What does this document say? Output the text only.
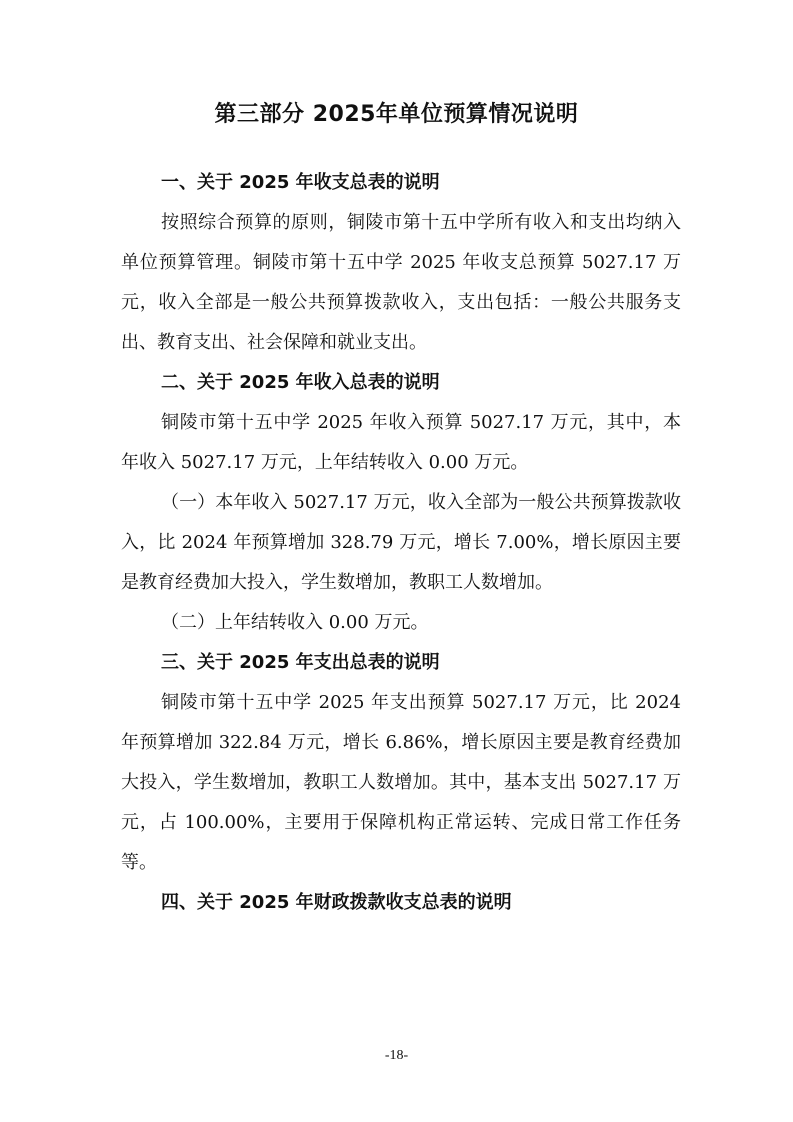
第三部分 2025年单位预算情况说明
一、关于 2025 年收支总表的说明

按照综合预算的原则，铜陵市第十五中学所有收入和支出均纳入单位预算管理。铜陵市第十五中学 2025 年收支总预算 5027.17 万元，收入全部是一般公共预算拨款收入，支出包括：一般公共服务支出、教育支出、社会保障和就业支出。

二、关于 2025 年收入总表的说明

铜陵市第十五中学 2025 年收入预算 5027.17 万元，其中，本年收入 5027.17 万元，上年结转收入 0.00 万元。

（一）本年收入 5027.17 万元，收入全部为一般公共预算拨款收入，比 2024 年预算增加 328.79 万元，增长 7.00%，增长原因主要是教育经费加大投入，学生数增加，教职工人数增加。

（二）上年结转收入 0.00 万元。

三、关于 2025 年支出总表的说明

铜陵市第十五中学 2025 年支出预算 5027.17 万元，比 2024 年预算增加 322.84 万元，增长 6.86%，增长原因主要是教育经费加大投入，学生数增加，教职工人数增加。其中，基本支出 5027.17 万元，占 100.00%，主要用于保障机构正常运转、完成日常工作任务等。

四、关于 2025 年财政拨款收支总表的说明
-18-
